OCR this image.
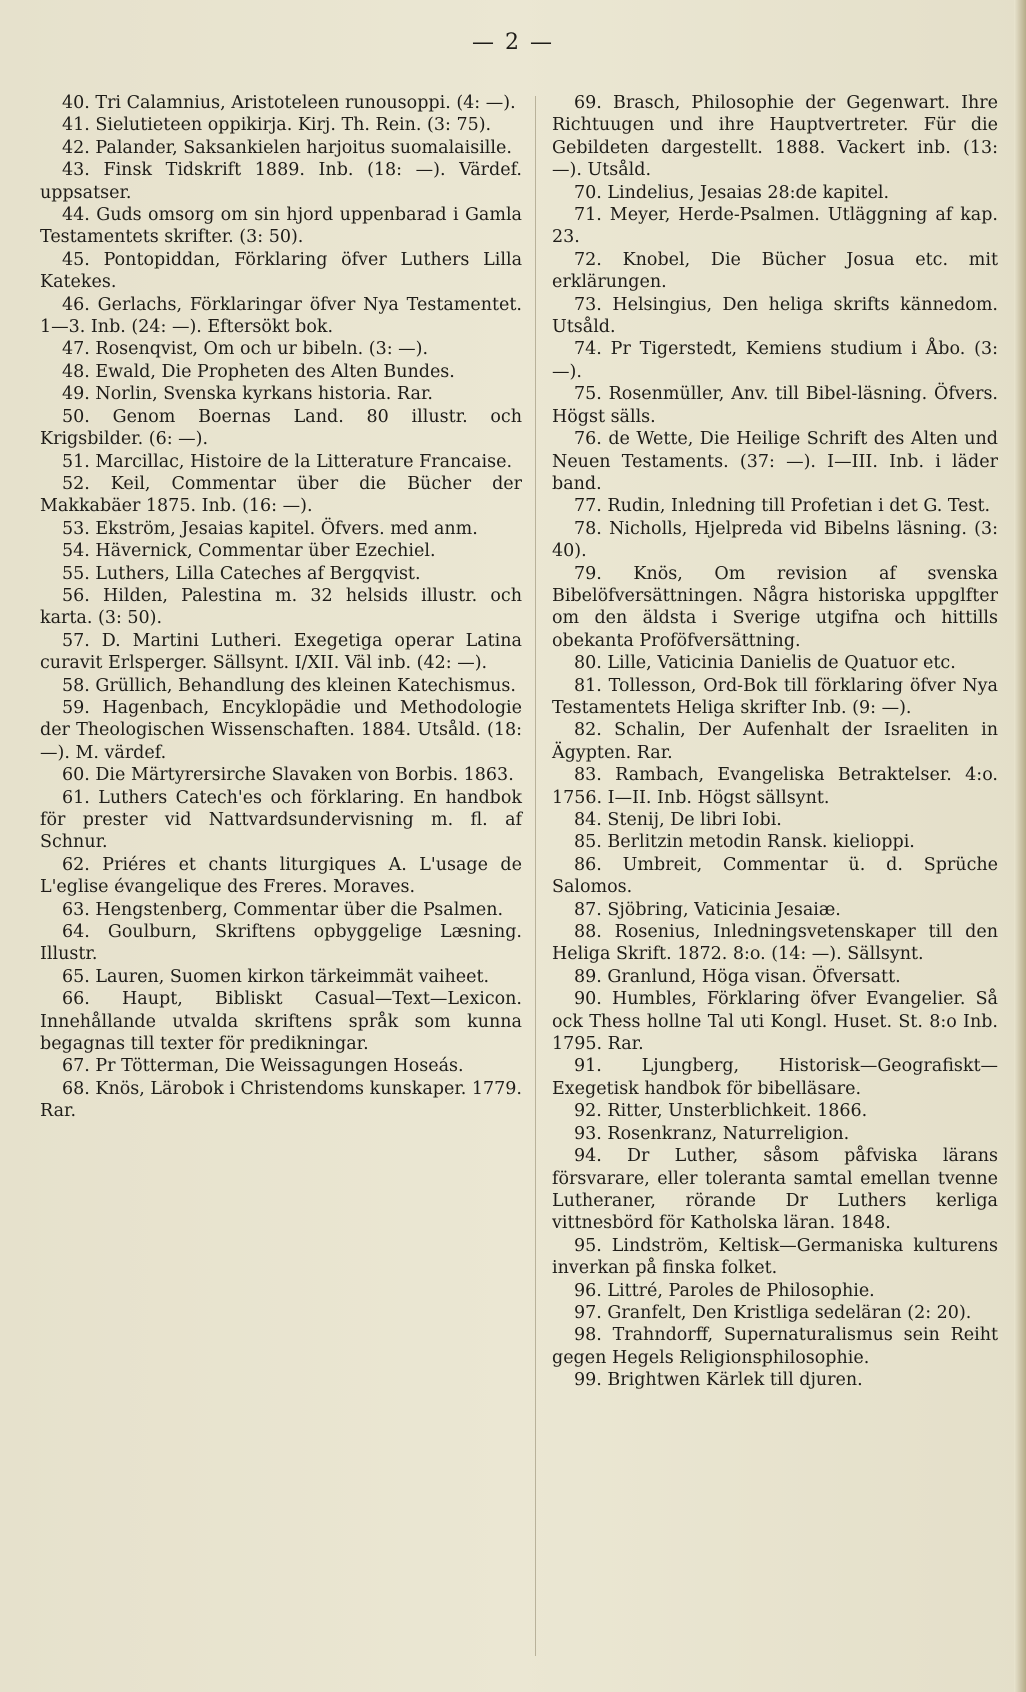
— 2 —

40. Tri Calamnius, Aristoteleen runousoppi. (4: —).

41. Sielutieteen oppikirja. Kirj. Th. Rein. (3: 75).

42. Palander, Saksankielen harjoitus suomalaisille.

43. Finsk Tidskrift 1889. Inb. (18: —). Värdef. uppsatser.

44. Guds omsorg om sin hjord uppenbarad i Gamla Testamentets skrifter. (3: 50).

45. Pontopiddan, Förklaring öfver Luthers Lilla Katekes.

46. Gerlachs, Förklaringar öfver Nya Testamentet. 1—3. Inb. (24: —). Eftersökt bok.

47. Rosenqvist, Om och ur bibeln. (3: —).

48. Ewald, Die Propheten des Alten Bundes.

49. Norlin, Svenska kyrkans historia. Rar.

50. Genom Boernas Land. 80 illustr. och Krigsbilder. (6: —).

51. Marcillac, Histoire de la Litterature Francaise.

52. Keil, Commentar über die Bücher der Makkabäer 1875. Inb. (16: —).

53. Ekström, Jesaias kapitel. Öfvers. med anm.

54. Hävernick, Commentar über Ezechiel.

55. Luthers, Lilla Cateches af Bergqvist.

56. Hilden, Palestina m. 32 helsids illustr. och karta. (3: 50).

57. D. Martini Lutheri. Exegetiga operar Latina curavit Erlsperger. Sällsynt. I/XII. Väl inb. (42: —).

58. Grüllich, Behandlung des kleinen Katechismus.

59. Hagenbach, Encyklopädie und Methodologie der Theologischen Wissenschaften. 1884. Utsåld. (18: —). M. värdef.

60. Die Märtyrersirche Slavaken von Borbis. 1863.

61. Luthers Catech'es och förklaring. En handbok för prester vid Nattvardsundervisning m. fl. af Schnur.

62. Priéres et chants liturgiques A. L'usage de L'eglise évangelique des Freres. Moraves.

63. Hengstenberg, Commentar über die Psalmen.

64. Goulburn, Skriftens opbyggelige Læsning. Illustr.

65. Lauren, Suomen kirkon tärkeimmät vaiheet.

66. Haupt, Bibliskt Casual—Text—Lexicon. Innehållande utvalda skriftens språk som kunna begagnas till texter för predikningar.

67. Pr Tötterman, Die Weissagungen Hoseás.

68. Knös, Lärobok i Christendoms kunskaper. 1779. Rar.

69. Brasch, Philosophie der Gegenwart. Ihre Richtuugen und ihre Hauptvertreter. Für die Gebildeten dargestellt. 1888. Vackert inb. (13: —). Utsåld.

70. Lindelius, Jesaias 28:de kapitel.

71. Meyer, Herde-Psalmen. Utläggning af kap. 23.

72. Knobel, Die Bücher Josua etc. mit erklärungen.

73. Helsingius, Den heliga skrifts kännedom. Utsåld.

74. Pr Tigerstedt, Kemiens studium i Åbo. (3: —).

75. Rosenmüller, Anv. till Bibel-läsning. Öfvers. Högst sälls.

76. de Wette, Die Heilige Schrift des Alten und Neuen Testaments. (37: —). I—III. Inb. i läder band.

77. Rudin, Inledning till Profetian i det G. Test.

78. Nicholls, Hjelpreda vid Bibelns läsning. (3: 40).

79. Knös, Om revision af svenska Bibelöfversättningen. Några historiska uppglfter om den äldsta i Sverige utgifna och hittills obekanta Proföfversättning.

80. Lille, Vaticinia Danielis de Quatuor etc.

81. Tollesson, Ord-Bok till förklaring öfver Nya Testamentets Heliga skrifter Inb. (9: —).

82. Schalin, Der Aufenhalt der Israeliten in Ägypten. Rar.

83. Rambach, Evangeliska Betraktelser. 4:o. 1756. I—II. Inb. Högst sällsynt.

84. Stenij, De libri Iobi.

85. Berlitzin metodin Ransk. kielioppi.

86. Umbreit, Commentar ü. d. Sprüche Salomos.

87. Sjöbring, Vaticinia Jesaiæ.

88. Rosenius, Inledningsvetenskaper till den Heliga Skrift. 1872. 8:o. (14: —). Sällsynt.

89. Granlund, Höga visan. Öfversatt.

90. Humbles, Förklaring öfver Evangelier. Så ock Thess hollne Tal uti Kongl. Huset. St. 8:o Inb. 1795. Rar.

91. Ljungberg, Historisk—Geografiskt—Exegetisk handbok för bibelläsare.

92. Ritter, Unsterblichkeit. 1866.

93. Rosenkranz, Naturreligion.

94. Dr Luther, såsom påfviska lärans försvarare, eller toleranta samtal emellan tvenne Lutheraner, rörande Dr Luthers kerliga vittnesbörd för Katholska läran. 1848.

95. Lindström, Keltisk—Germaniska kulturens inverkan på finska folket.

96. Littré, Paroles de Philosophie.

97. Granfelt, Den Kristliga sedeläran (2: 20).

98. Trahndorff, Supernaturalismus sein Reiht gegen Hegels Religionsphilosophie.

99. Brightwen Kärlek till djuren.
